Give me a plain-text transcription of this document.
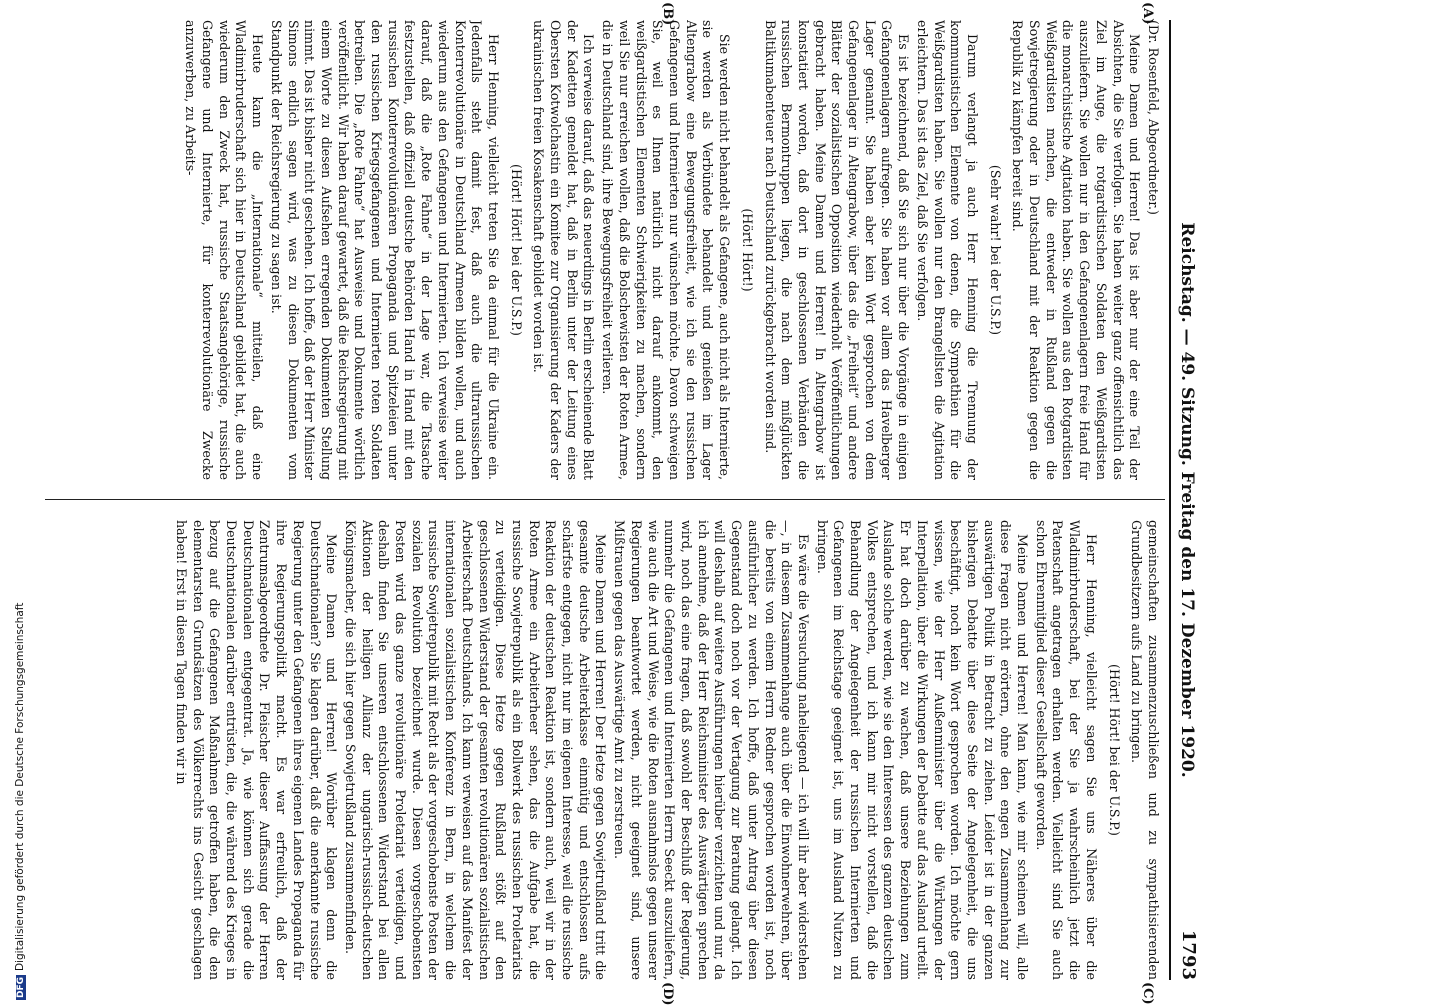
DFGDigitalisierung gefördert durch die Deutsche Forschungsgemeinschaft
Reichstag. — 49. Sitzung. Freitag den 17. Dezember 1920.
1793
(A)
(B)
(C)
(D)

(Dr. Rosenfeld, Abgeordneter.)

Meine Damen und Herren! Das ist aber nur der eine Teil der Absichten, die Sie verfolgen. Sie haben weiter ganz offensichtlich das Ziel im Auge, die rotgardistischen Soldaten den Weißgardisten auszuliefern. Sie wollen nur in den Gefangenenlagern freie Hand für die monarchistische Agitation haben. Sie wollen aus den Rotgardisten Weißgardisten machen, die entweder in Rußland gegen die Sowjetregierung oder in Deutschland mit der Reaktion gegen die Republik zu kämpfen bereit sind.

(Sehr wahr! bei der U.S.P.)

Darum verlangt ja auch Herr Henning die Trennung der kommunistischen Elemente von denen, die Sympathien für die Weißgardisten haben. Sie wollen nur den Brangellsten die Agitation erleichtern. Das ist das Ziel, daß Sie verfolgen.

Es ist bezeichnend, daß Sie sich nur über die Vorgänge in einigen Gefangenenlagern aufregen. Sie haben vor allem das Havelberger Lager genannt. Sie haben aber kein Wort gesprochen von dem Gefangenenlager in Altengrabow, über das die „Freiheit“ und andere Blätter der sozialistischen Opposition wiederholt Veröffentlichungen gebracht haben. Meine Damen und Herren! In Altengrabow ist konstatiert worden, daß dort in geschlossenen Verbänden die russischen Bermontruppen liegen, die nach dem mißglückten Baltikumabenteuer nach Deutschland zurückgebracht worden sind.

(Hört! Hört!)

Sie werden nicht behandelt als Gefangene, auch nicht als Internierte, sie werden als Verbündete behandelt und genießen im Lager Altengrabow eine Bewegungsfreiheit, wie ich sie den russischen Gefangenen und Internierten nur wünschen möchte. Davon schweigen Sie, weil es Ihnen natürlich nicht darauf ankommt, den weißgardistischen Elementen Schwierigkeiten zu machen, sondern weil Sie nur erreichen wollen, daß die Bolschewisten der Roten Armee, die in Deutschland sind, ihre Bewegungsfreiheit verlieren.

Ich verweise darauf, daß das neuerdings in Berlin erscheinende Blatt der Kadetten gemeldet hat, daß in Berlin unter der Leitung eines Obersten Kotwolchastin ein Komitee zur Organisierung der Kaders der ukrainischen freien Kosakenschaft gebildet worden ist.

(Hört! Hört! bei der U.S.P.)

Herr Henning, vielleicht treten Sie da einmal für die Ukraine ein. Jedenfalls steht damit fest, daß auch die ultrarussischen Konterrevolutionäre in Deutschland Armeen bilden wollen, und auch wiederum aus den Gefangenen und Internierten. Ich verweise weiter darauf, daß die „Rote Fahne“ in der Lage war, die Tatsache festzustellen, daß offiziell deutsche Behörden Hand in Hand mit den russischen Konterrevolutionären Propaganda und Spitzeleien unter den russischen Kriegsgefangenen und Internierten roten Soldaten betreiben. Die „Rote Fahne“ hat Ausweise und Dokumente wörtlich veröffentlicht. Wir haben darauf gewartet, daß die Reichsregierung mit einem Worte zu diesen Aufsehen erregenden Dokumenten Stellung nimmt. Das ist bisher nicht geschehen. Ich hoffe, daß der Herr Minister Simons endlich sagen wird, was zu diesen Dokumenten vom Standpunkt der Reichsregierung zu sagen ist.

Heute kann die „Internationale“ mitteilen, daß eine Wladimirbruderschaft sich hier in Deutschland gebildet hat, die auch wiederum den Zweck hat, russische Staatsangehörige, russische Gefangene und Internierte, für konterrevolutionäre Zwecke anzuwerben, zu Arbeits-

gemeinschaften zusammenzuschließen und zu sympathisierenden Grundbesitzern aufs Land zu bringen.

(Hört! Hört! bei der U.S.P.)

Herr Henning, vielleicht sagen Sie uns Näheres über die Wladimirbruderschaft, bei der Sie ja wahrscheinlich jetzt die Patenschaft angetragen erhalten werden. Vielleicht sind Sie auch schon Ehrenmitglied dieser Gesellschaft geworden.

Meine Damen und Herren! Man kann, wie mir scheinen will, alle diese Fragen nicht erörtern, ohne den engen Zusammenhang zur auswärtigen Politik in Betracht zu ziehen. Leider ist in der ganzen bisherigen Debatte über diese Seite der Angelegenheit, die uns beschäftigt, noch kein Wort gesprochen worden. Ich möchte gern wissen, wie der Herr Außenminister über die Wirkungen der Interpellation, über die Wirkungen der Debatte auf das Ausland urteilt. Er hat doch darüber zu wachen, daß unsere Beziehungen zum Auslande solche werden, wie sie den Interessen des ganzen deutschen Volkes entsprechen, und ich kann mir nicht vorstellen, daß die Behandlung der Angelegenheit der russischen Internierten und Gefangenen im Reichstage geeignet ist, uns im Ausland Nutzen zu bringen.

Es wäre die Versuchung naheliegend — ich will ihr aber widerstehen —, in diesem Zusammenhange auch über die Einwohnerwehren, über die bereits von einem Herrn Redner gesprochen worden ist, noch ausführlicher zu werden. Ich hoffe, daß unter Antrag über diesen Gegenstand doch noch vor der Vertagung zur Beratung gelangt. Ich will deshalb auf weitere Ausführungen hierüber verzichten und nur, da ich annehme, daß der Herr Reichsminister des Auswärtigen sprechen wird, noch das eine fragen, daß sowohl der Beschluß der Regierung, nunmehr die Gefangenen und Internierten Herrn Seeckt auszuliefern, wie auch die Art und Weise, wie die Roten ausnahmslos gegen unserer Regierungen beantwortet werden, nicht geeignet sind, unsere Mißtrauen gegen das Auswärtige Amt zu zerstreuen.

Meine Damen und Herren! Der Hetze gegen Sowjetrußland tritt die gesamte deutsche Arbeiterklasse einmütig und entschlossen aufs schärfste entgegen, nicht nur im eigenen Interesse, weil die russische Reaktion der deutschen Reaktion ist, sondern auch, weil wir in der Roten Armee ein Arbeiterheer sehen, das die Aufgabe hat, die russische Sowjetrepublik als ein Bollwerk des russischen Proletariats zu verteidigen. Diese Hetze gegen Rußland stößt auf den geschlossenen Widerstand der gesamten revolutionären sozialistischen Arbeiterschaft Deutschlands. Ich kann verweisen auf das Manifest der internationalen sozialistischen Konferenz in Bern, in welchem die russische Sowjetrepublik mit Recht als der vorgeschobenste Posten der sozialen Revolution bezeichnet wurde. Diesen vorgeschobensten Posten wird das ganze revolutionäre Proletariat verteidigen, und deshalb finden Sie unseren entschlossenen Widerstand bei allen Aktionen der heiligen Allianz der ungarisch-russisch-deutschen Königsmacher, die sich hier gegen Sowjetrußland zusammenfinden.

Meine Damen und Herren! Worüber klagen denn die Deutschnationalen? Sie klagen darüber, daß die anerkannte russische Regierung unter den Gefangenen ihres eigenen Landes Propaganda für ihre Regierungspolitik macht. Es war erfreulich, daß der Zentrumsabgeordnete Dr. Fleischer dieser Auffassung der Herren Deutschnationalen entgegentrat. Ja, wie können sich gerade die Deutschnationalen darüber entrüsten, die, die während des Krieges in bezug auf die Gefangenen Maßnahmen getroffen haben, die den elementarsten Grundsätzen des Völkerrechts ins Gesicht geschlagen haben! Erst in diesen Tagen finden wir in
